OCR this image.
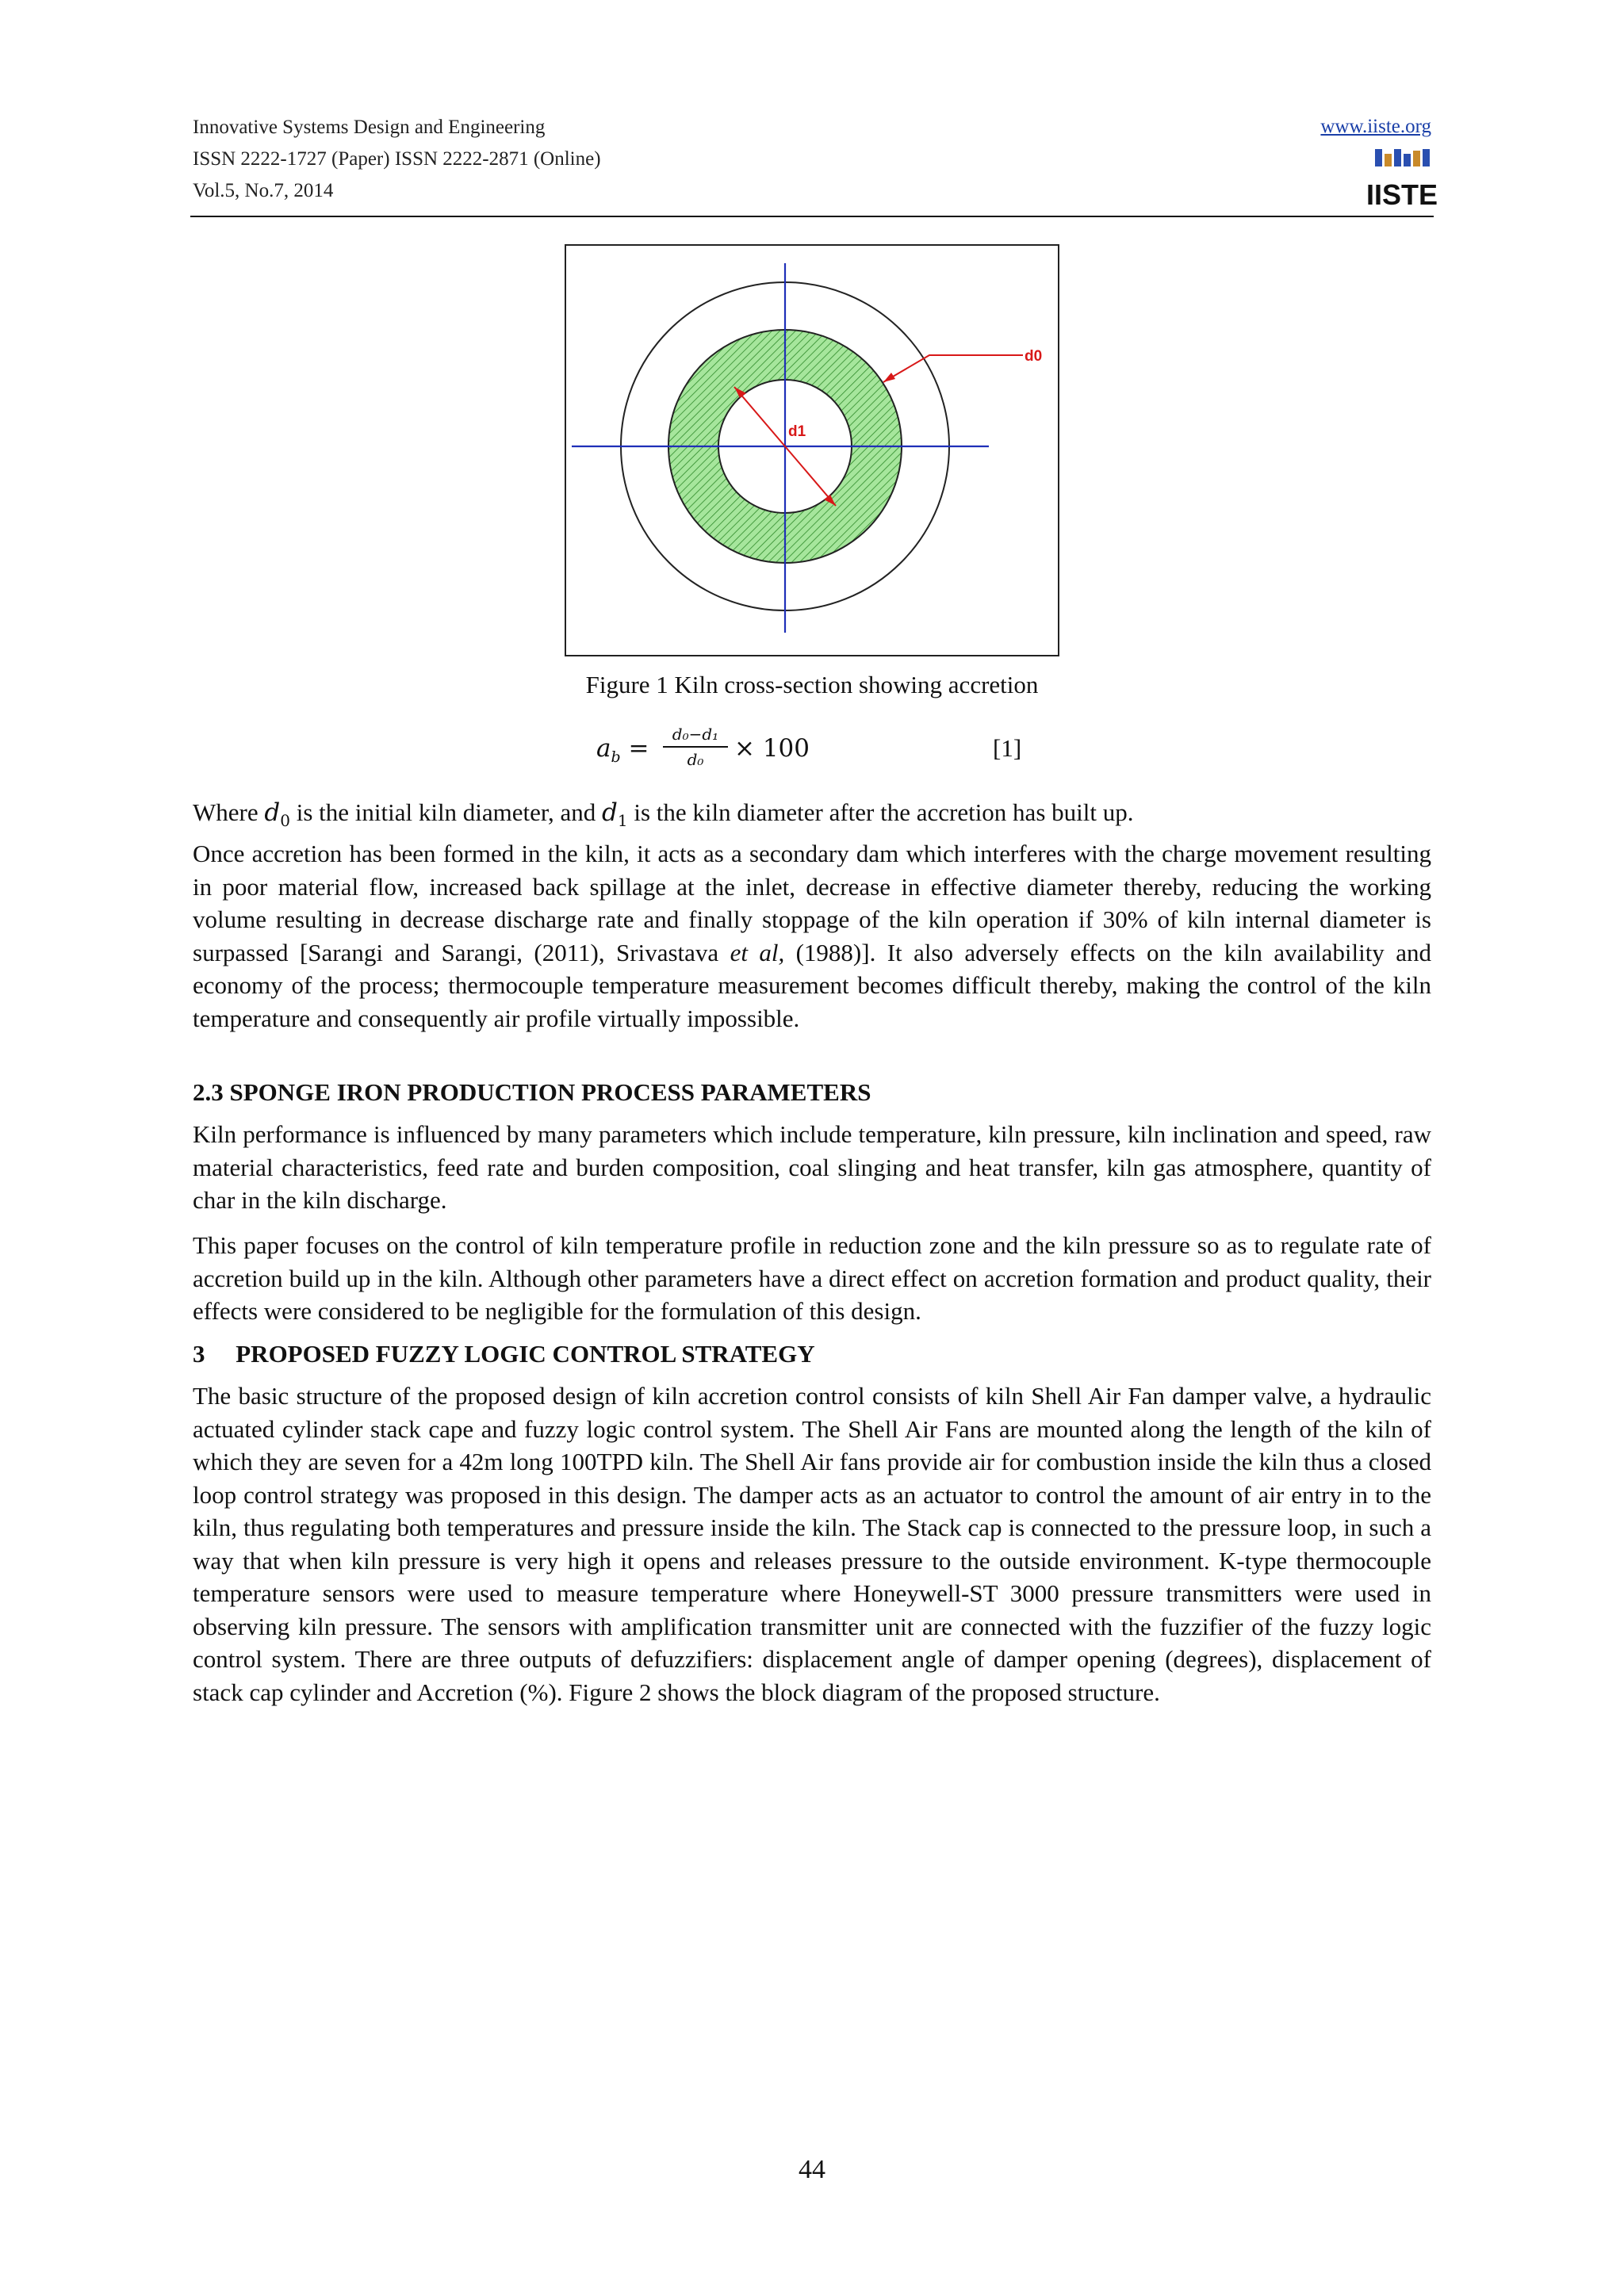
Innovative Systems Design and Engineering
ISSN 2222-1727 (Paper) ISSN 2222-2871 (Online)
Vol.5, No.7, 2014
www.iiste.org
IISTE
d0
d1
Figure 1 Kiln cross-section showing accretion
$a_b = \frac{\text{d₀−d₁}}{\text{d₀}} \times 100$	[1]
Where $d_0$ is the initial kiln diameter, and $d_1$ is the kiln diameter after the accretion has built up.
Once accretion has been formed in the kiln, it acts as a secondary dam which interferes with the charge movement resulting in poor material flow, increased back spillage at the inlet, decrease in effective diameter thereby, reducing the working volume resulting in decrease discharge rate and finally stoppage of the kiln operation if 30% of kiln internal diameter is surpassed [Sarangi and Sarangi, (2011), Srivastava et al, (1988)]. It also adversely effects on the kiln availability and economy of the process; thermocouple temperature measurement becomes difficult thereby, making the control of the kiln temperature and consequently air profile virtually impossible.
2.3 SPONGE IRON PRODUCTION PROCESS PARAMETERS
Kiln performance is influenced by many parameters which include temperature, kiln pressure, kiln inclination and speed, raw material characteristics, feed rate and burden composition, coal slinging and heat transfer, kiln gas atmosphere, quantity of char in the kiln discharge.
This paper focuses on the control of kiln temperature profile in reduction zone and the kiln pressure so as to regulate rate of accretion build up in the kiln. Although other parameters have a direct effect on accretion formation and product quality, their effects were considered to be negligible for the formulation of this design.
3     PROPOSED FUZZY LOGIC CONTROL STRATEGY
The basic structure of the proposed design of kiln accretion control consists of kiln Shell Air Fan damper valve, a hydraulic actuated cylinder stack cape and fuzzy logic control system. The Shell Air Fans are mounted along the length of the kiln of which they are seven for a 42m long 100TPD kiln. The Shell Air fans provide air for combustion inside the kiln thus a closed loop control strategy was proposed in this design. The damper acts as an actuator to control the amount of air entry in to the kiln, thus regulating both temperatures and pressure inside the kiln. The Stack cap is connected to the pressure loop, in such a way that when kiln pressure is very high it opens and releases pressure to the outside environment. K-type thermocouple temperature sensors were used to measure temperature where Honeywell-ST 3000 pressure transmitters were used in observing kiln pressure. The sensors with amplification transmitter unit are connected with the fuzzifier of the fuzzy logic control system. There are three outputs of defuzzifiers: displacement angle of damper opening (degrees), displacement of stack cap cylinder and Accretion (%). Figure 2 shows the block diagram of the proposed structure.
44
